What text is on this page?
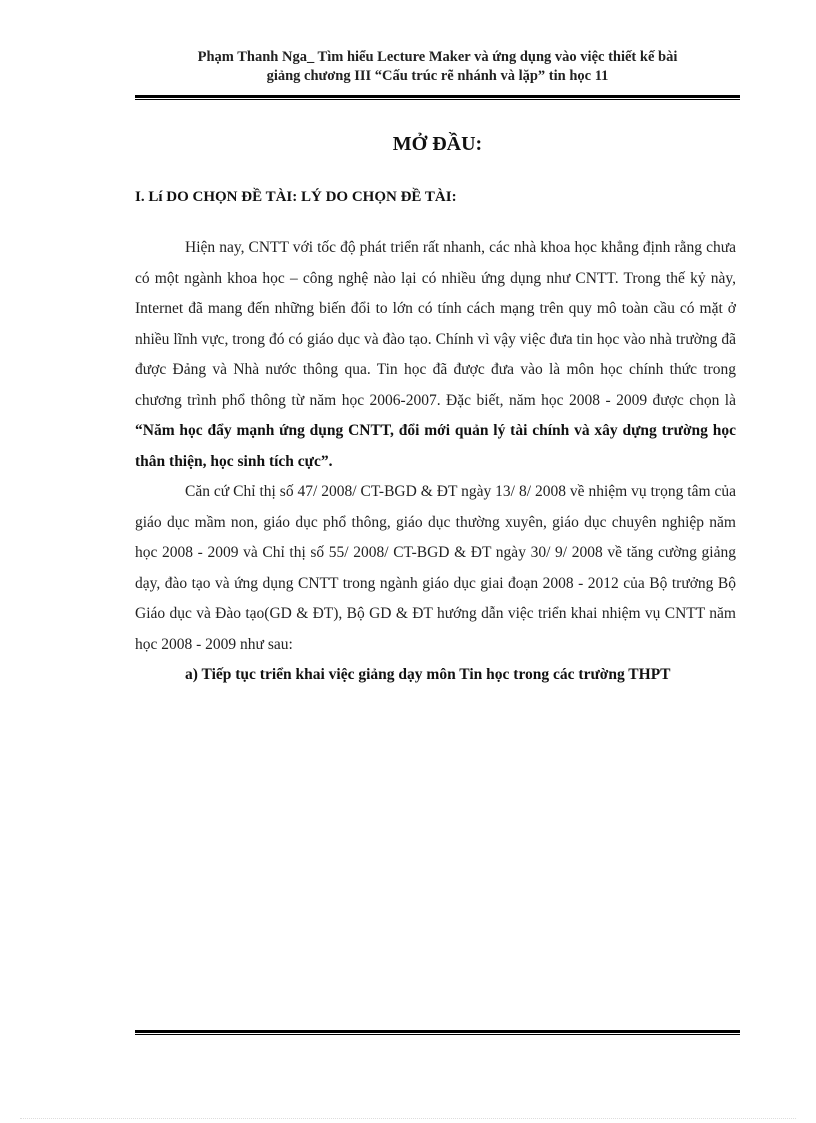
Phạm Thanh Nga_ Tìm hiểu Lecture Maker và ứng dụng vào việc thiết kế bài
giảng chương III “Cấu trúc rẽ nhánh và lặp” tin học 11
MỞ ĐẦU:
I. Lí DO CHỌN ĐỀ TÀI: LÝ DO CHỌN ĐỀ TÀI:

Hiện nay, CNTT với tốc độ phát triển rất nhanh, các nhà khoa học khẳng định rằng chưa có một ngành khoa học – công nghệ nào lại có nhiều ứng dụng như CNTT. Trong thế kỷ này, Internet đã mang đến những biến đổi to lớn có tính cách mạng trên quy mô toàn cầu có mặt ở nhiều lĩnh vực, trong đó có giáo dục và đào tạo. Chính vì vậy việc đưa tin học vào nhà trường đã được Đảng và Nhà nước thông qua. Tin học đã được đưa vào là môn học chính thức trong chương trình phổ thông từ năm học 2006-2007. Đặc biết, năm học 2008 - 2009 được chọn là “Năm học đẩy mạnh ứng dụng CNTT, đổi mới quản lý tài chính và xây dựng trường học thân thiện, học sinh tích cực”.

Căn cứ Chỉ thị số 47/ 2008/ CT-BGD & ĐT ngày 13/ 8/ 2008 về nhiệm vụ trọng tâm của giáo dục mầm non, giáo dục phổ thông, giáo dục thường xuyên, giáo dục chuyên nghiệp năm học 2008 - 2009 và Chỉ thị số 55/ 2008/ CT-BGD & ĐT ngày 30/ 9/ 2008 về tăng cường giảng dạy, đào tạo và ứng dụng CNTT trong ngành giáo dục giai đoạn 2008 - 2012 của Bộ trưởng Bộ Giáo dục và Đào tạo(GD & ĐT), Bộ GD & ĐT hướng dẫn việc triển khai nhiệm vụ CNTT năm học 2008 - 2009 như sau:

a) Tiếp tục triển khai việc giảng dạy môn Tin học trong các trường THPT
